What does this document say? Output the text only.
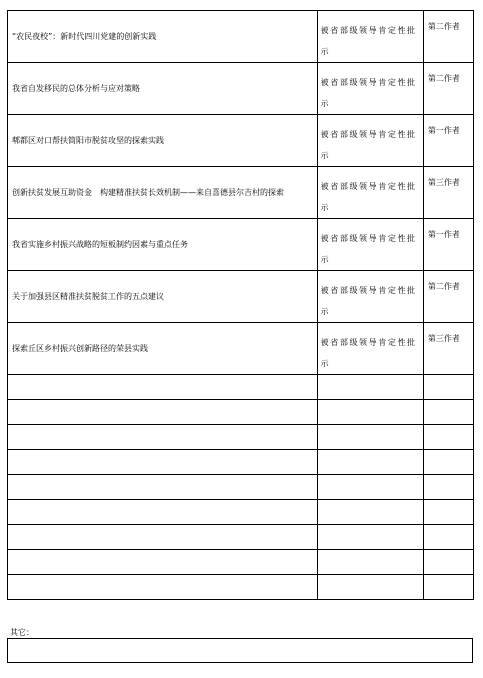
“农民夜校”：新时代四川党建的创新实践	被省部级领导肯定性批示	第二作者

我省自发移民的总体分析与应对策略	被省部级领导肯定性批示	第二作者

郫都区对口帮扶简阳市脱贫攻坚的探索实践	被省部级领导肯定性批示	第一作者

创新扶贫发展互助资金　构建精准扶贫长效机制——来自喜德县尔吉村的探索	被省部级领导肯定性批示	第三作者

我省实施乡村振兴战略的短板制约因素与重点任务	被省部级领导肯定性批示	第一作者

关于加强县区精准扶贫脱贫工作的五点建议	被省部级领导肯定性批示	第二作者

探索丘区乡村振兴创新路径的荣县实践	被省部级领导肯定性批示	第三作者

其它：
